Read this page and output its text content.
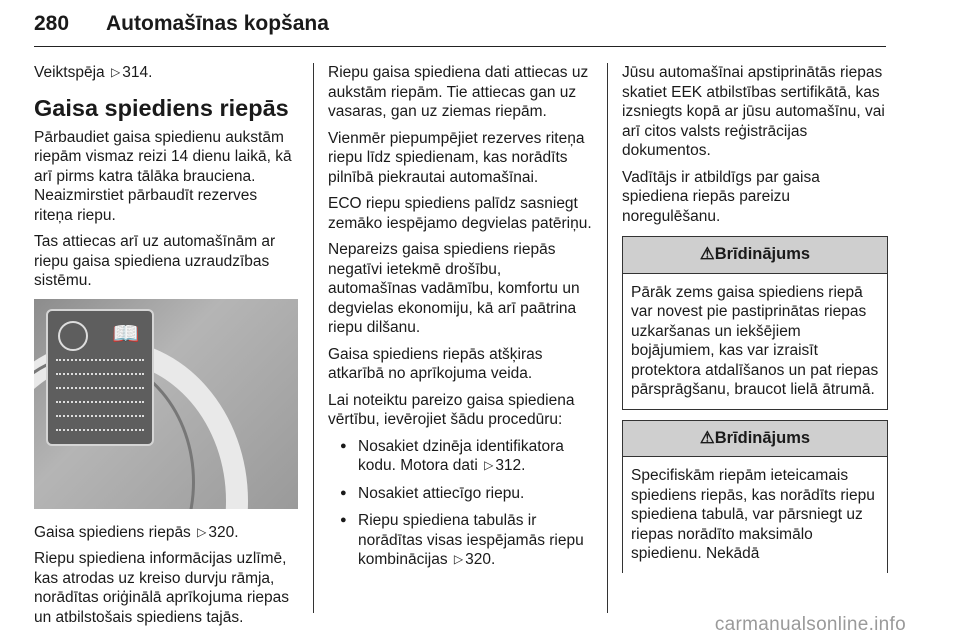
280 Automašīnas kopšana

Veiktspēja ▷ 314.

Gaisa spiediens riepās

Pārbaudiet gaisa spiedienu aukstām riepām vismaz reizi 14 dienu laikā, kā arī pirms katra tālāka brauciena. Neaizmirstiet pārbaudīt rezerves riteņa riepu.

Tas attiecas arī uz automašīnām ar riepu gaisa spiediena uzraudzības sistēmu.

📖

Gaisa spiediens riepās ▷ 320.

Riepu spiediena informācijas uzlīmē, kas atrodas uz kreiso durvju rāmja, norādītas oriģinālā aprīkojuma riepas un atbilstošais spiediens tajās.

Riepu gaisa spiediena dati attiecas uz aukstām riepām. Tie attiecas gan uz vasaras, gan uz ziemas riepām.

Vienmēr piepumpējiet rezerves riteņa riepu līdz spiedienam, kas norādīts pilnībā piekrautai automašīnai.

ECO riepu spiediens palīdz sasniegt zemāko iespējamo degvielas patēriņu.

Nepareizs gaisa spiediens riepās negatīvi ietekmē drošību, automašīnas vadāmību, komfortu un degvielas ekonomiju, kā arī paātrina riepu dilšanu.

Gaisa spiediens riepās atšķiras atkarībā no aprīkojuma veida.

Lai noteiktu pareizo gaisa spiediena vērtību, ievērojiet šādu procedūru:

● Nosakiet dzinēja identifikatora kodu. Motora dati ▷ 312.
● Nosakiet attiecīgo riepu.
● Riepu spiediena tabulās ir norādītas visas iespējamās riepu kombinācijas ▷ 320.

Jūsu automašīnai apstiprinātās riepas skatiet EEK atbilstības sertifikātā, kas izsniegts kopā ar jūsu automašīnu, vai arī citos valsts reģistrācijas dokumentos.

Vadītājs ir atbildīgs par gaisa spiediena riepās pareizu noregulēšanu.

⚠Brīdinājums

Pārāk zems gaisa spiediens riepā var novest pie pastiprinātas riepas uzkaršanas un iekšējiem bojājumiem, kas var izraisīt protektora atdalīšanos un pat riepas pārsprāgšanu, braucot lielā ātrumā.

⚠Brīdinājums

Specifiskām riepām ieteicamais spiediens riepās, kas norādīts riepu spiediena tabulā, var pārsniegt uz riepas norādīto maksimālo spiedienu. Nekādā

carmanualsonline.info
